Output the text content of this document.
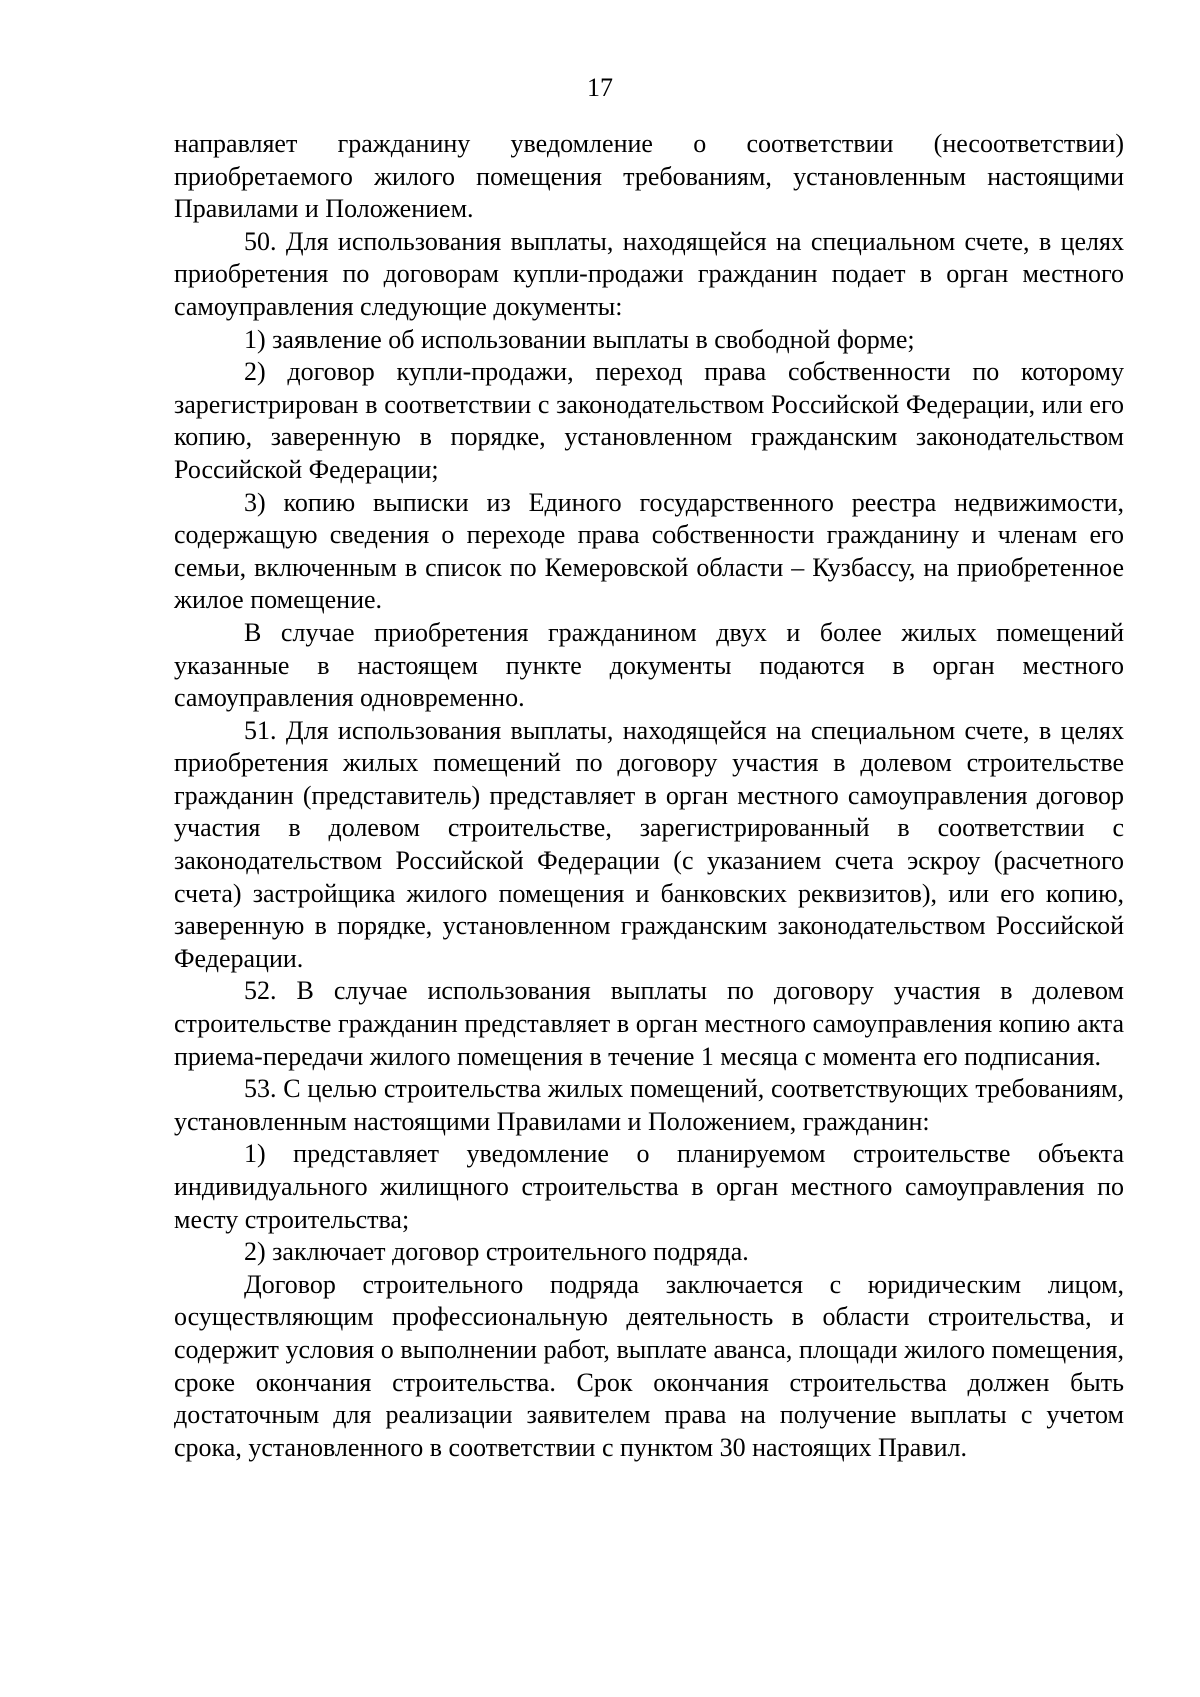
17

направляет гражданину уведомление о соответствии (несоответствии) приобретаемого жилого помещения требованиям, установленным настоящими Правилами и Положением.

50. Для использования выплаты, находящейся на специальном счете, в целях приобретения по договорам купли-продажи гражданин подает в орган местного самоуправления следующие документы:

1) заявление об использовании выплаты в свободной форме;

2) договор купли-продажи, переход права собственности по которому зарегистрирован в соответствии с законодательством Российской Федерации, или его копию, заверенную в порядке, установленном гражданским законодательством Российской Федерации;

3) копию выписки из Единого государственного реестра недвижимости, содержащую сведения о переходе права собственности гражданину и членам его семьи, включенным в список по Кемеровской области – Кузбассу, на приобретенное жилое помещение.

В случае приобретения гражданином двух и более жилых помещений указанные в настоящем пункте документы подаются в орган местного самоуправления одновременно.

51. Для использования выплаты, находящейся на специальном счете, в целях приобретения жилых помещений по договору участия в долевом строительстве гражданин (представитель) представляет в орган местного самоуправления договор участия в долевом строительстве, зарегистрированный в соответствии с законодательством Российской Федерации (с указанием счета эскроу (расчетного счета) застройщика жилого помещения и банковских реквизитов), или его копию, заверенную в порядке, установленном гражданским законодательством Российской Федерации.

52. В случае использования выплаты по договору участия в долевом строительстве гражданин представляет в орган местного самоуправления копию акта приема-передачи жилого помещения в течение 1 месяца с момента его подписания.

53. С целью строительства жилых помещений, соответствующих требованиям, установленным настоящими Правилами и Положением, гражданин:

1) представляет уведомление о планируемом строительстве объекта индивидуального жилищного строительства в орган местного самоуправления по месту строительства;

2) заключает договор строительного подряда.

Договор строительного подряда заключается с юридическим лицом, осуществляющим профессиональную деятельность в области строительства, и содержит условия о выполнении работ, выплате аванса, площади жилого помещения, сроке окончания строительства. Срок окончания строительства должен быть достаточным для реализации заявителем права на получение выплаты с учетом срока, установленного в соответствии с пунктом 30 настоящих Правил.
